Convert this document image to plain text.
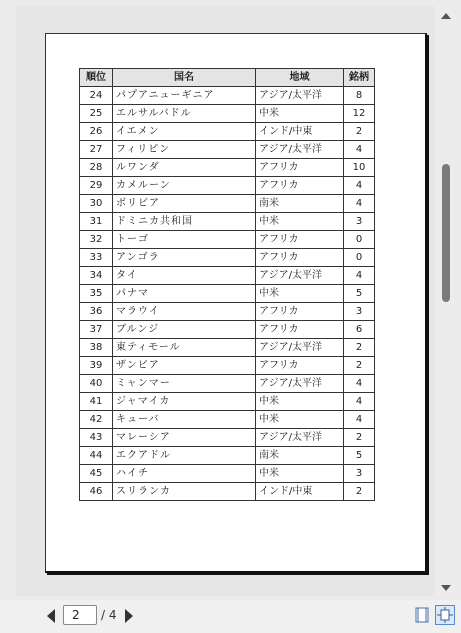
順位	国名	地域	銘柄
24	パプアニューギニア	アジア/太平洋	8
25	エルサルバドル	中米	12
26	イエメン	インド/中東	2
27	フィリピン	アジア/太平洋	4
28	ルワンダ	アフリカ	10
29	カメルーン	アフリカ	4
30	ボリビア	南米	4
31	ドミニカ共和国	中米	3
32	トーゴ	アフリカ	0
33	アンゴラ	アフリカ	0
34	タイ	アジア/太平洋	4
35	パナマ	中米	5
36	マラウイ	アフリカ	3
37	ブルンジ	アフリカ	6
38	東ティモール	アジア/太平洋	2
39	ザンビア	アフリカ	2
40	ミャンマー	アジア/太平洋	4
41	ジャマイカ	中米	4
42	キューバ	中米	4
43	マレーシア	アジア/太平洋	2
44	エクアドル	南米	5
45	ハイチ	中米	3
46	スリランカ	インド/中東	2
2
/ 4
